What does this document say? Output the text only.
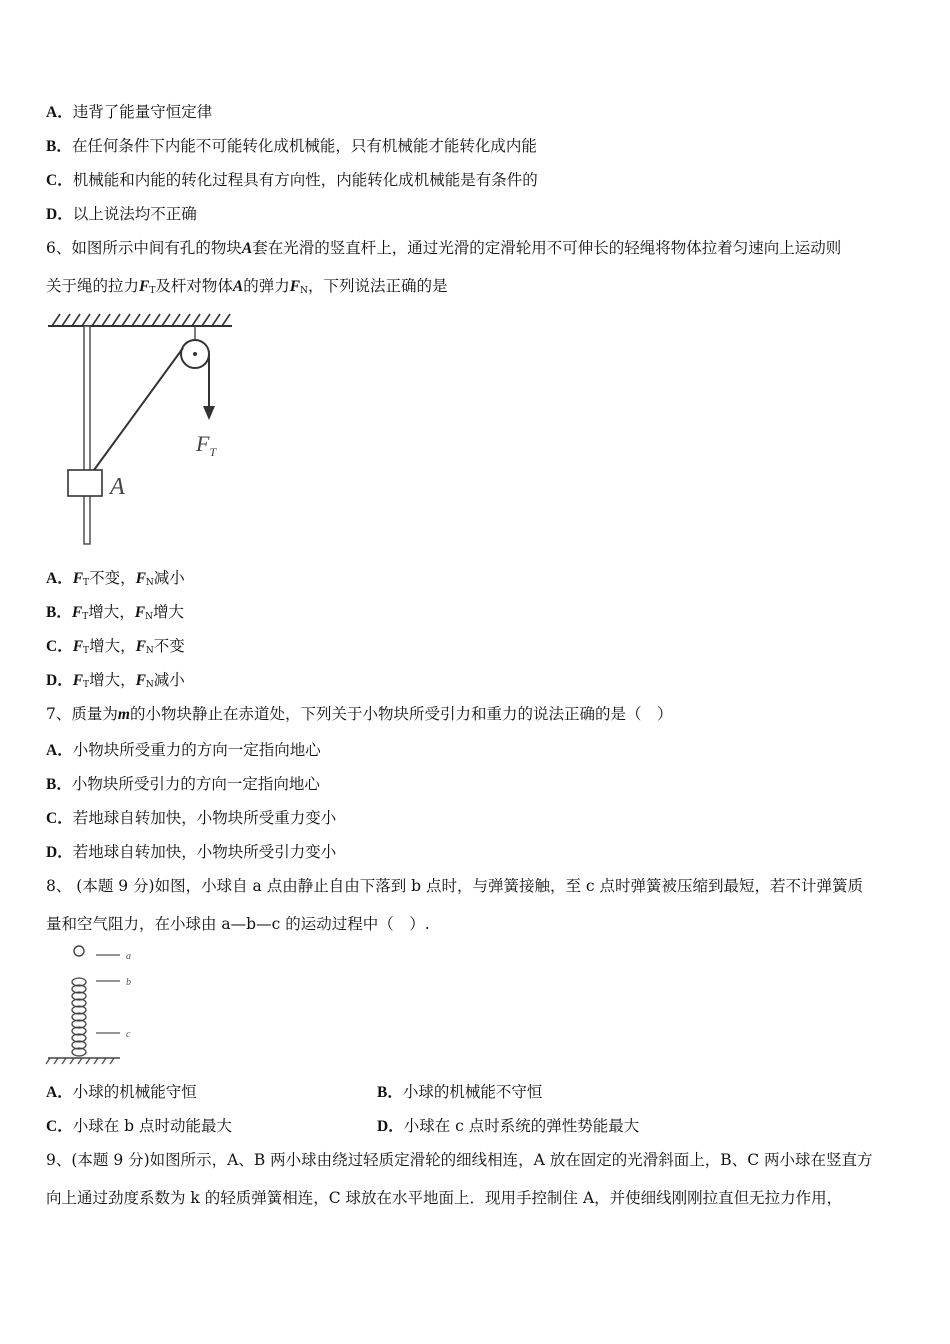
A．违背了能量守恒定律
B．在任何条件下内能不可能转化成机械能，只有机械能才能转化成内能
C．机械能和内能的转化过程具有方向性，内能转化成机械能是有条件的
D．以上说法均不正确
6、如图所示中间有孔的物块A套在光滑的竖直杆上，通过光滑的定滑轮用不可伸长的轻绳将物体拉着匀速向上运动则
关于绳的拉力$F_T$及杆对物体A的弹力$F_N$，下列说法正确的是
$F_T$
A
A．$F_T$不变，$F_N$减小
B．$F_T$增大，$F_N$增大
C．$F_T$增大，$F_N$不变
D．$F_T$增大，$F_N$减小
7、质量为m的小物块静止在赤道处，下列关于小物块所受引力和重力的说法正确的是（　）
A．小物块所受重力的方向一定指向地心
B．小物块所受引力的方向一定指向地心
C．若地球自转加快，小物块所受重力变小
D．若地球自转加快，小物块所受引力变小
8、 (本题 9 分)如图，小球自 a 点由静止自由下落到 b 点时，与弹簧接触，至 c 点时弹簧被压缩到最短，若不计弹簧质
量和空气阻力，在小球由 a—b—c 的运动过程中（　）.
a
b
c
A．小球的机械能守恒	B．小球的机械能不守恒
C．小球在 b 点时动能最大	D．小球在 c 点时系统的弹性势能最大
9、(本题 9 分)如图所示，A、B 两小球由绕过轻质定滑轮的细线相连，A 放在固定的光滑斜面上，B、C 两小球在竖直方
向上通过劲度系数为 k 的轻质弹簧相连，C 球放在水平地面上．现用手控制住 A，并使细线刚刚拉直但无拉力作用，
